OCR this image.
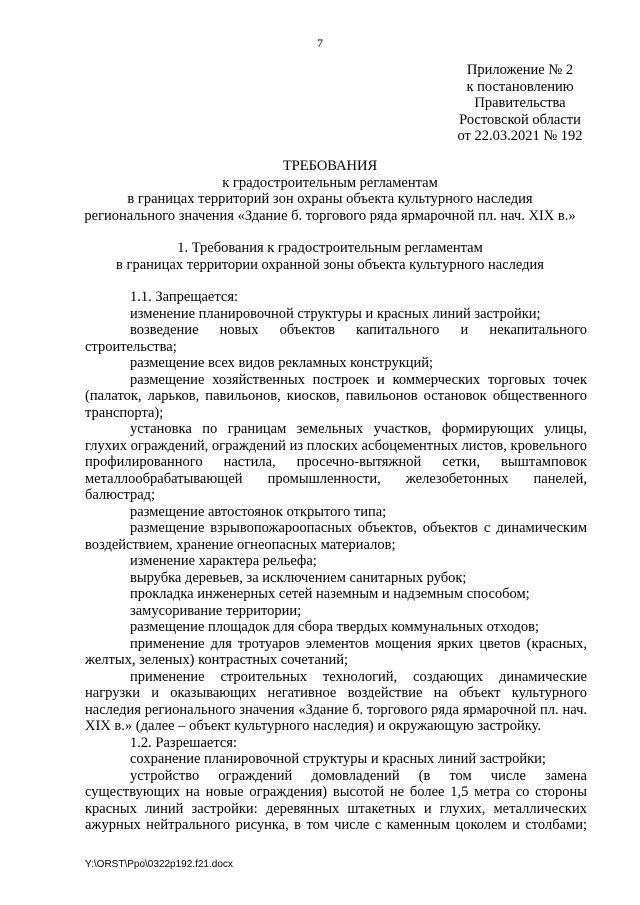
7
Приложение № 2
к постановлению
Правительства
Ростовской области
от 22.03.2021 № 192
ТРЕБОВАНИЯ
к градостроительным регламентам
в границах территорий зон охраны объекта культурного наследия
регионального значения «Здание б. торгового ряда ярмарочной пл. нач. XIX в.»
1. Требования к градостроительным регламентам
в границах территории охранной зоны объекта культурного наследия

1.1. Запрещается:

изменение планировочной структуры и красных линий застройки;

возведение новых объектов капитального и некапитального строительства;

размещение всех видов рекламных конструкций;

размещение хозяйственных построек и коммерческих торговых точек (палаток, ларьков, павильонов, киосков, павильонов остановок общественного транспорта);

установка по границам земельных участков, формирующих улицы, глухих ограждений, ограждений из плоских асбоцементных листов, кровельного профилированного настила, просечно-вытяжной сетки, выштамповок металлообрабатывающей промышленности, железобетонных панелей, балюстрад;

размещение автостоянок открытого типа;

размещение взрывопожароопасных объектов, объектов с динамическим воздействием, хранение огнеопасных материалов;

изменение характера рельефа;

вырубка деревьев, за исключением санитарных рубок;

прокладка инженерных сетей наземным и надземным способом;

замусоривание территории;

размещение площадок для сбора твердых коммунальных отходов;

применение для тротуаров элементов мощения ярких цветов (красных, желтых, зеленых) контрастных сочетаний;

применение строительных технологий, создающих динамические нагрузки и оказывающих негативное воздействие на объект культурного наследия регионального значения «Здание б. торгового ряда ярмарочной пл. нач. XIX в.» (далее – объект культурного наследия) и окружающую застройку.

1.2. Разрешается:

сохранение планировочной структуры и красных линий застройки;

устройство ограждений домовладений (в том числе замена существующих на новые ограждения) высотой не более 1,5 метра со стороны красных линий застройки: деревянных штакетных и глухих, металлических ажурных нейтрального рисунка, в том числе с каменным цоколем и столбами;

Y:\ORST\Ppo\0322p192.f21.docx
